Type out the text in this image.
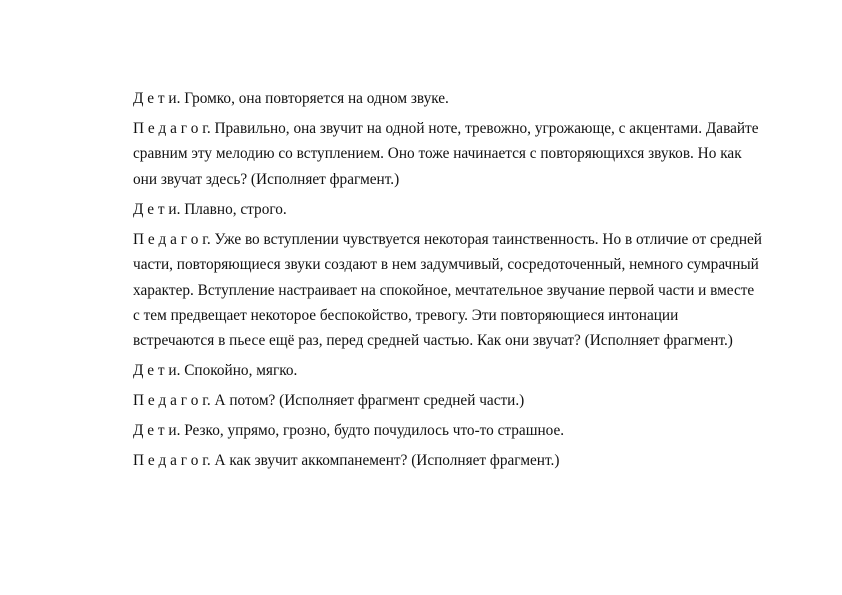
Д е т и. Громко, она повторяется на одном звуке.

П е д а г о г. Правильно, она звучит на одной ноте, тревожно, угрожающе, с акцентами. Давайте сравним эту мелодию со вступлением. Оно тоже начинается с повторяющихся звуков. Но как они звучат здесь? (Исполняет фрагмент.)

Д е т и. Плавно, строго.

П е д а г о г. Уже во вступлении чувствуется некоторая таинственность. Но в отличие от средней части, повторяющиеся звуки создают в нем задумчивый, сосредоточенный, немного сумрачный характер. Вступление настраивает на спокойное, мечтательное звучание первой части и вместе с тем предвещает некоторое беспокойство, тревогу. Эти повторяющиеся интонации встречаются в пьесе ещё раз, перед средней частью. Как они звучат? (Исполняет фрагмент.)

Д е т и. Спокойно, мягко.

П е д а г о г. А потом? (Исполняет фрагмент средней части.)

Д е т и. Резко, упрямо, грозно, будто почудилось что-то страшное.

П е д а г о г. А как звучит аккомпанемент? (Исполняет фрагмент.)
